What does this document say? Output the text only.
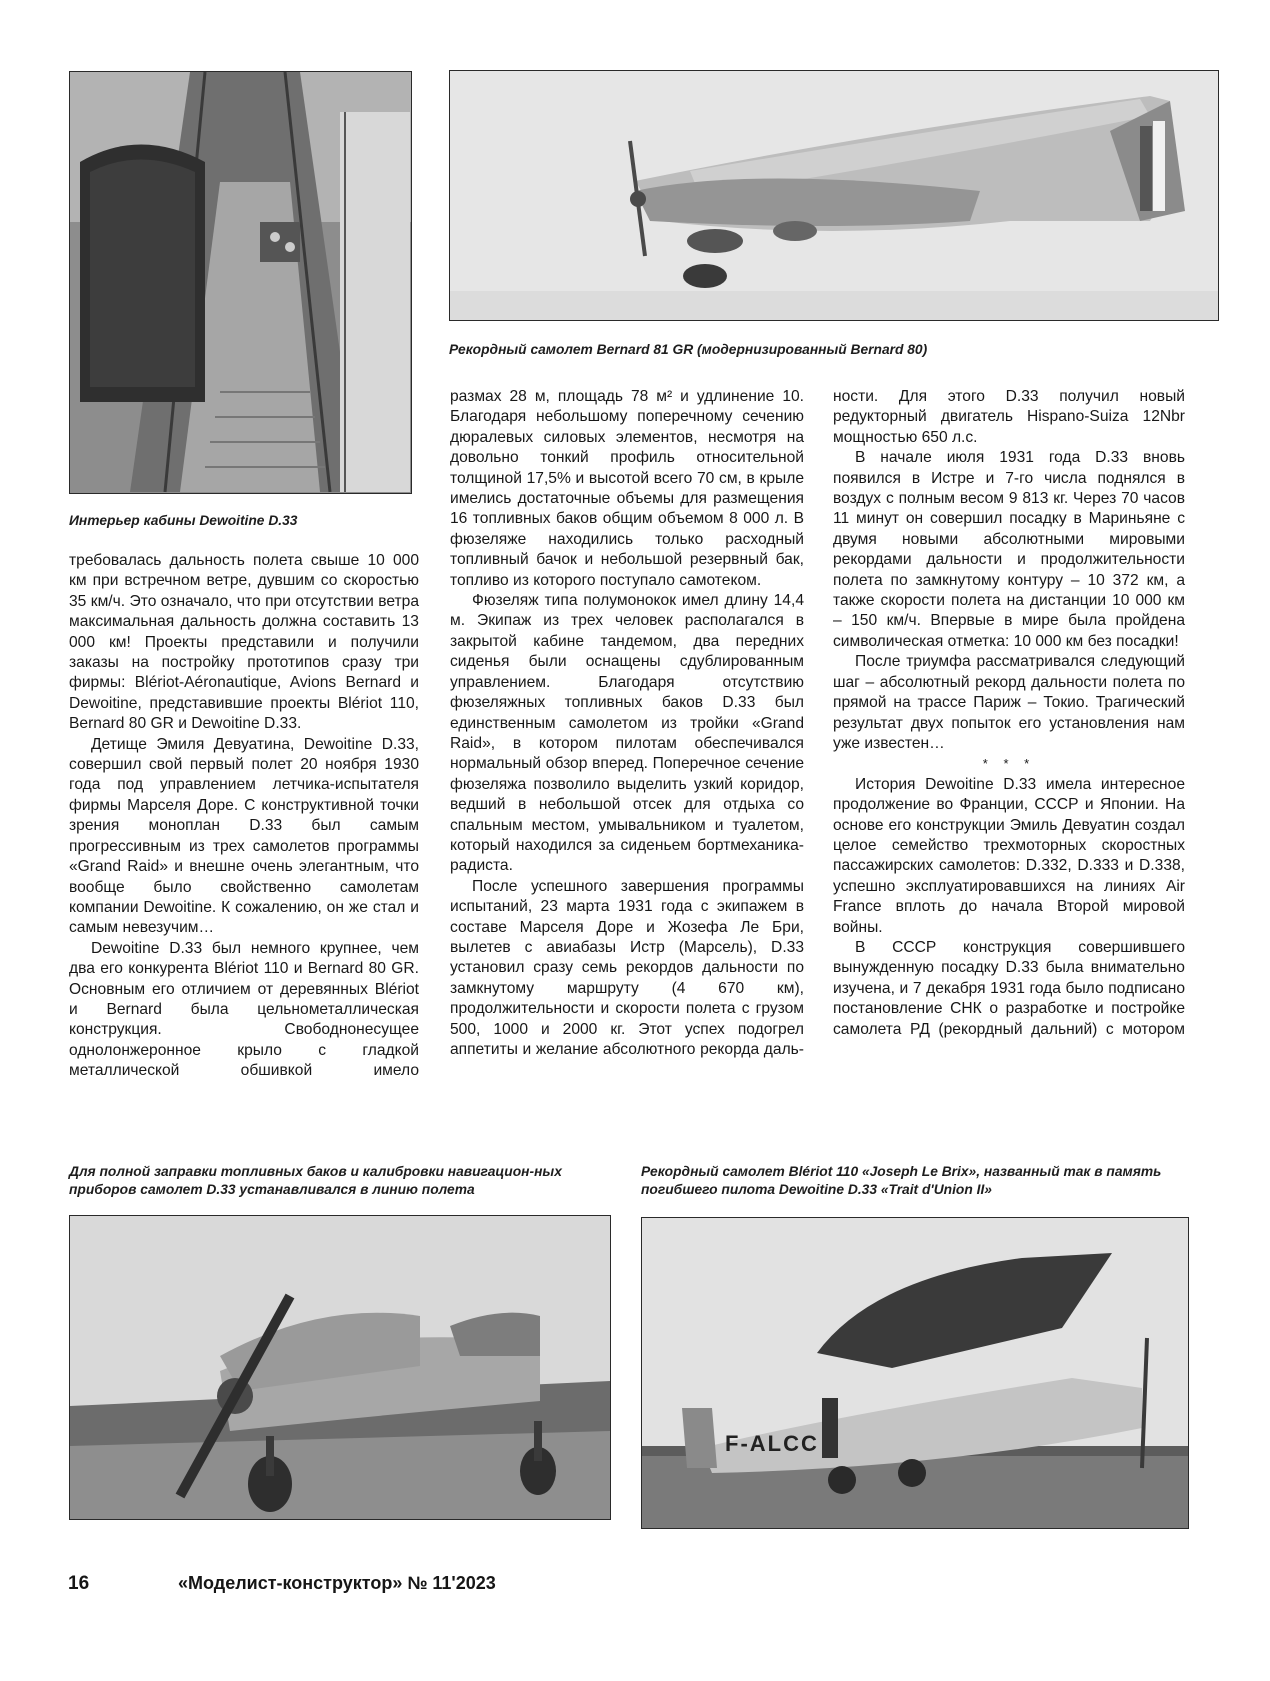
Интерьер кабины Dewoitine D.33
Рекордный самолет Bernard 81 GR (модернизированный Bernard 80)

требовалась дальность полета свыше 10 000 км при встречном ветре, дувшим со скоростью 35 км/ч. Это означало, что при отсутствии ветра максимальная дальность должна составить 13 000 км! Проекты представили и получили заказы на постройку прототипов сразу три фирмы: Blériot-Aéronautique, Avions Bernard и Dewoitine, представившие проекты Blériot 110, Bernard 80 GR и Dewoitine D.33.

Детище Эмиля Девуатина, Dewoitine D.33, совершил свой первый полет 20 ноября 1930 года под управлением летчика-испытателя фирмы Марселя Доре. С конструктивной точки зрения моноплан D.33 был самым прогрессивным из трех самолетов программы «Grand Raid» и внешне очень элегантным, что вообще было свойственно самолетам компании Dewoitine. К сожалению, он же стал и самым невезучим…

Dewoitine D.33 был немного крупнее, чем два его конкурента Blériot 110 и Bernard 80 GR. Основным его отличием от деревянных Blériot и Bernard была цельнометаллическая конструкция. Свободнонесущее однолонжеронное крыло с гладкой металлической обшивкой имело

размах 28 м, площадь 78 м² и удлинение 10. Благодаря небольшому поперечному сечению дюралевых силовых элементов, несмотря на довольно тонкий профиль относительной толщиной 17,5% и высотой всего 70 см, в крыле имелись достаточные объемы для размещения 16 топливных баков общим объемом 8 000 л. В фюзеляже находились только расходный топливный бачок и небольшой резервный бак, топливо из которого поступало самотеком.

Фюзеляж типа полумонокок имел длину 14,4 м. Экипаж из трех человек располагался в закрытой кабине тандемом, два передних сиденья были оснащены сдублированным управлением. Благодаря отсутствию фюзеляжных топливных баков D.33 был единственным самолетом из тройки «Grand Raid», в котором пилотам обеспечивался нормальный обзор вперед. Поперечное сечение фюзеляжа позволило выделить узкий коридор, ведший в небольшой отсек для отдыха со спальным местом, умывальником и туалетом, который находился за сиденьем бортмеханика-радиста.

После успешного завершения программы испытаний, 23 марта 1931 года с экипажем в составе Марселя Доре и Жозефа Ле Бри, вылетев с авиабазы Истр (Марсель), D.33 установил сразу семь рекордов дальности по замкнутому маршруту (4 670 км), продолжительности и скорости полета с грузом 500, 1000 и 2000 кг. Этот успех подогрел аппетиты и желание абсолютного рекорда даль-

ности. Для этого D.33 получил новый редукторный двигатель Hispano-Suiza 12Nbr мощностью 650 л.с.

В начале июля 1931 года D.33 вновь появился в Истре и 7-го числа поднялся в воздух с полным весом 9 813 кг. Через 70 часов 11 минут он совершил посадку в Мариньяне с двумя новыми абсолютными мировыми рекордами дальности и продолжительности полета по замкнутому контуру – 10 372 км, а также скорости полета на дистанции 10 000 км – 150 км/ч. Впервые в мире была пройдена символическая отметка: 10 000 км без посадки!

После триумфа рассматривался следующий шаг – абсолютный рекорд дальности полета по прямой на трассе Париж – Токио. Трагический результат двух попыток его установления нам уже известен…

* * *

История Dewoitine D.33 имела интересное продолжение во Франции, СССР и Японии. На основе его конструкции Эмиль Девуатин создал целое семейство трехмоторных скоростных пассажирских самолетов: D.332, D.333 и D.338, успешно эксплуатировавшихся на линиях Air France вплоть до начала Второй мировой войны.

В СССР конструкция совершившего вынужденную посадку D.33 была внимательно изучена, и 7 декабря 1931 года было подписано постановление СНК о разработке и постройке самолета РД (рекордный дальний) с мотором

Для полной заправки топливных баков и калибровки навигацион-ных приборов самолет D.33 устанавливался в линию полета
Рекордный самолет Blériot 110 «Joseph Le Brix», названный так в память погибшего пилота Dewoitine D.33 «Trait d'Union II»
F-ALCC
16	«Моделист-конструктор» № 11'2023
